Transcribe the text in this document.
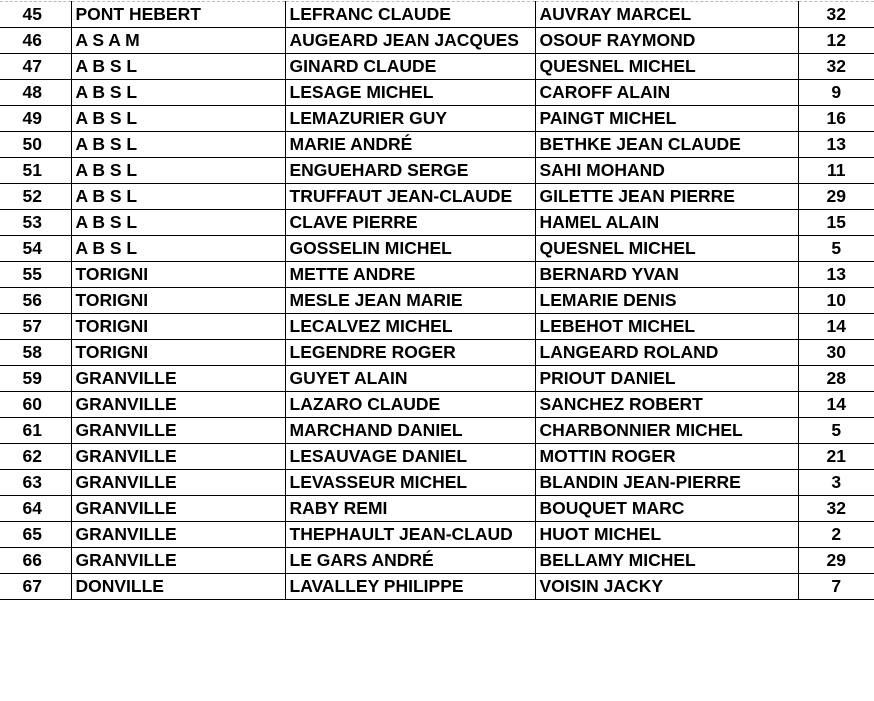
45	PONT HEBERT	LEFRANC CLAUDE	AUVRAY MARCEL	32
46	A S A M	AUGEARD JEAN JACQUES	OSOUF RAYMOND	12
47	A B S L	GINARD CLAUDE	QUESNEL MICHEL	32
48	A B S L	LESAGE MICHEL	CAROFF ALAIN	9
49	A B S L	LEMAZURIER GUY	PAINGT MICHEL	16
50	A B S L	MARIE ANDRÉ	BETHKE JEAN CLAUDE	13
51	A B S L	ENGUEHARD SERGE	SAHI MOHAND	11
52	A B S L	TRUFFAUT JEAN-CLAUDE	GILETTE JEAN PIERRE	29
53	A B S L	CLAVE PIERRE	HAMEL ALAIN	15
54	A B S L	GOSSELIN MICHEL	QUESNEL MICHEL	5
55	TORIGNI	METTE ANDRE	BERNARD YVAN	13
56	TORIGNI	MESLE JEAN MARIE	LEMARIE DENIS	10
57	TORIGNI	LECALVEZ MICHEL	LEBEHOT MICHEL	14
58	TORIGNI	LEGENDRE ROGER	LANGEARD ROLAND	30
59	GRANVILLE	GUYET ALAIN	PRIOUT DANIEL	28
60	GRANVILLE	LAZARO CLAUDE	SANCHEZ ROBERT	14
61	GRANVILLE	MARCHAND DANIEL	CHARBONNIER MICHEL	5
62	GRANVILLE	LESAUVAGE DANIEL	MOTTIN ROGER	21
63	GRANVILLE	LEVASSEUR MICHEL	BLANDIN JEAN-PIERRE	3
64	GRANVILLE	RABY REMI	BOUQUET MARC	32
65	GRANVILLE	THEPHAULT JEAN-CLAUD	HUOT MICHEL	2
66	GRANVILLE	LE GARS ANDRÉ	BELLAMY MICHEL	29
67	DONVILLE	LAVALLEY PHILIPPE	VOISIN JACKY	7
